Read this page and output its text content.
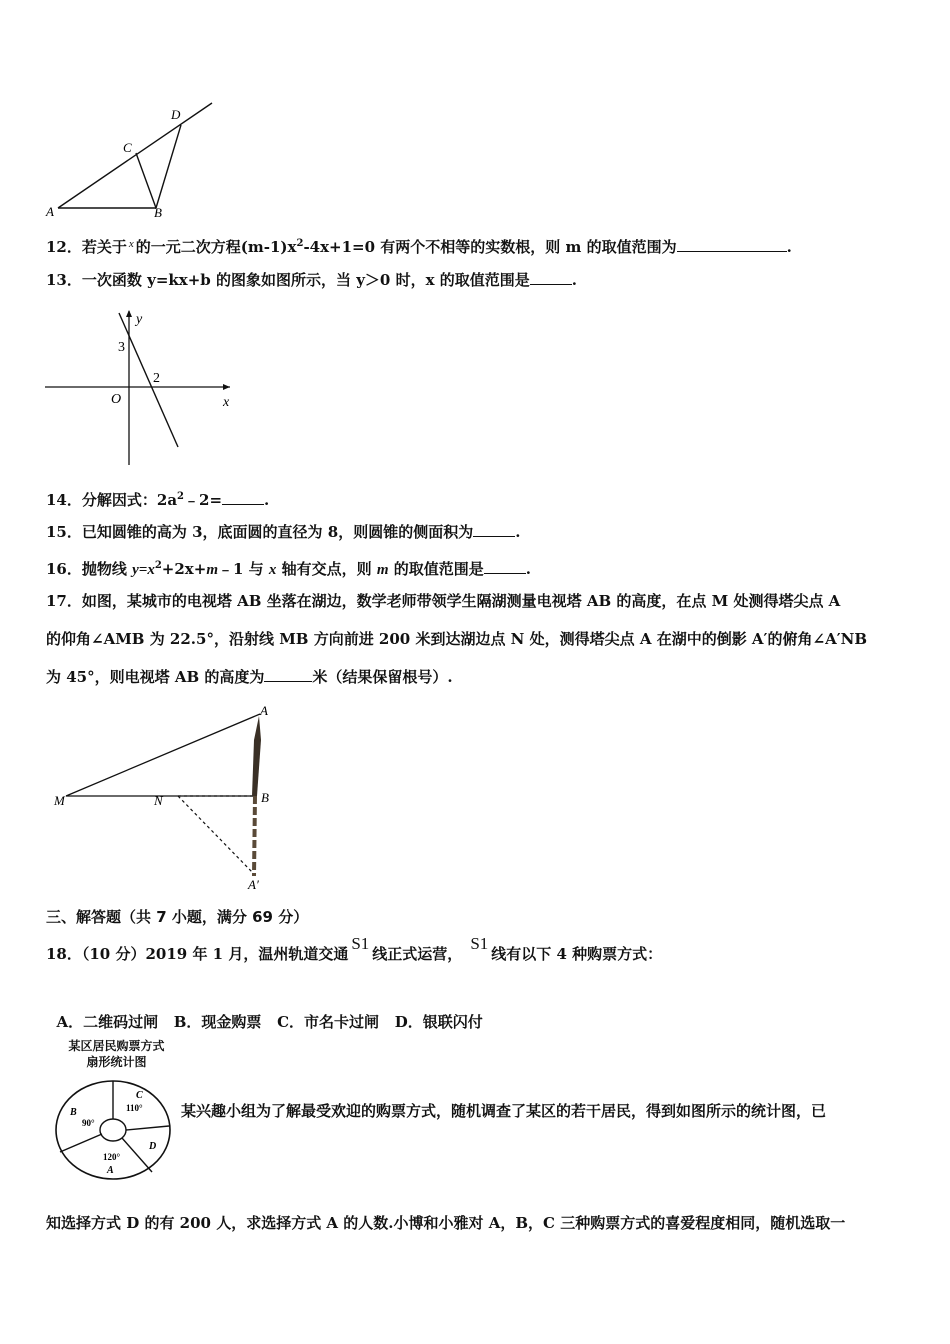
A	B
C
D
12．若关于 $^x$ 的一元二次方程$(m-1)x^2-4x+1=0$ 有两个不相等的实数根，则 m 的取值范围为	.
13．一次函数 y=kx+b 的图象如图所示，当 y＞0 时，x 的取值范围是	.
x
y
O
3
2
14．分解因式：$2a^2﹣2=$	.
15．已知圆锥的高为 3，底面圆的直径为 8，则圆锥的侧面积为	.
16．抛物线 $y=x^2+2x+m﹣1$ 与 x 轴有交点，则 m 的取值范围是	.
17．如图，某城市的电视塔 AB 坐落在湖边，数学老师带领学生隔湖测量电视塔 AB 的高度，在点 M 处测得塔尖点 A
的仰角∠AMB 为 22.5°，沿射线 MB 方向前进 200 米到达湖边点 N 处，测得塔尖点 A 在湖中的倒影 A′的俯角∠A′NB
为 45°，则电视塔 AB 的高度为	米（结果保留根号）.
A
B
M	N
A′
三、解答题（共 7 小题，满分 69 分）
18．（10 分）2019 年 1 月，温州轨道交通S1线正式运营，S1线有以下 4 种购票方式：

A．二维码过闸   B．现金购票   C．市名卡过闸   D．银联闪付

某区居民购票方式
扇形统计图
B
90°
C
110°
D
120°
A
某兴趣小组为了解最受欢迎的购票方式，随机调查了某区的若干居民，得到如图所示的统计图，已
知选择方式 D 的有 200 人，求选择方式 A 的人数.小博和小雅对 A，B，C 三种购票方式的喜爱程度相同，随机选取一
